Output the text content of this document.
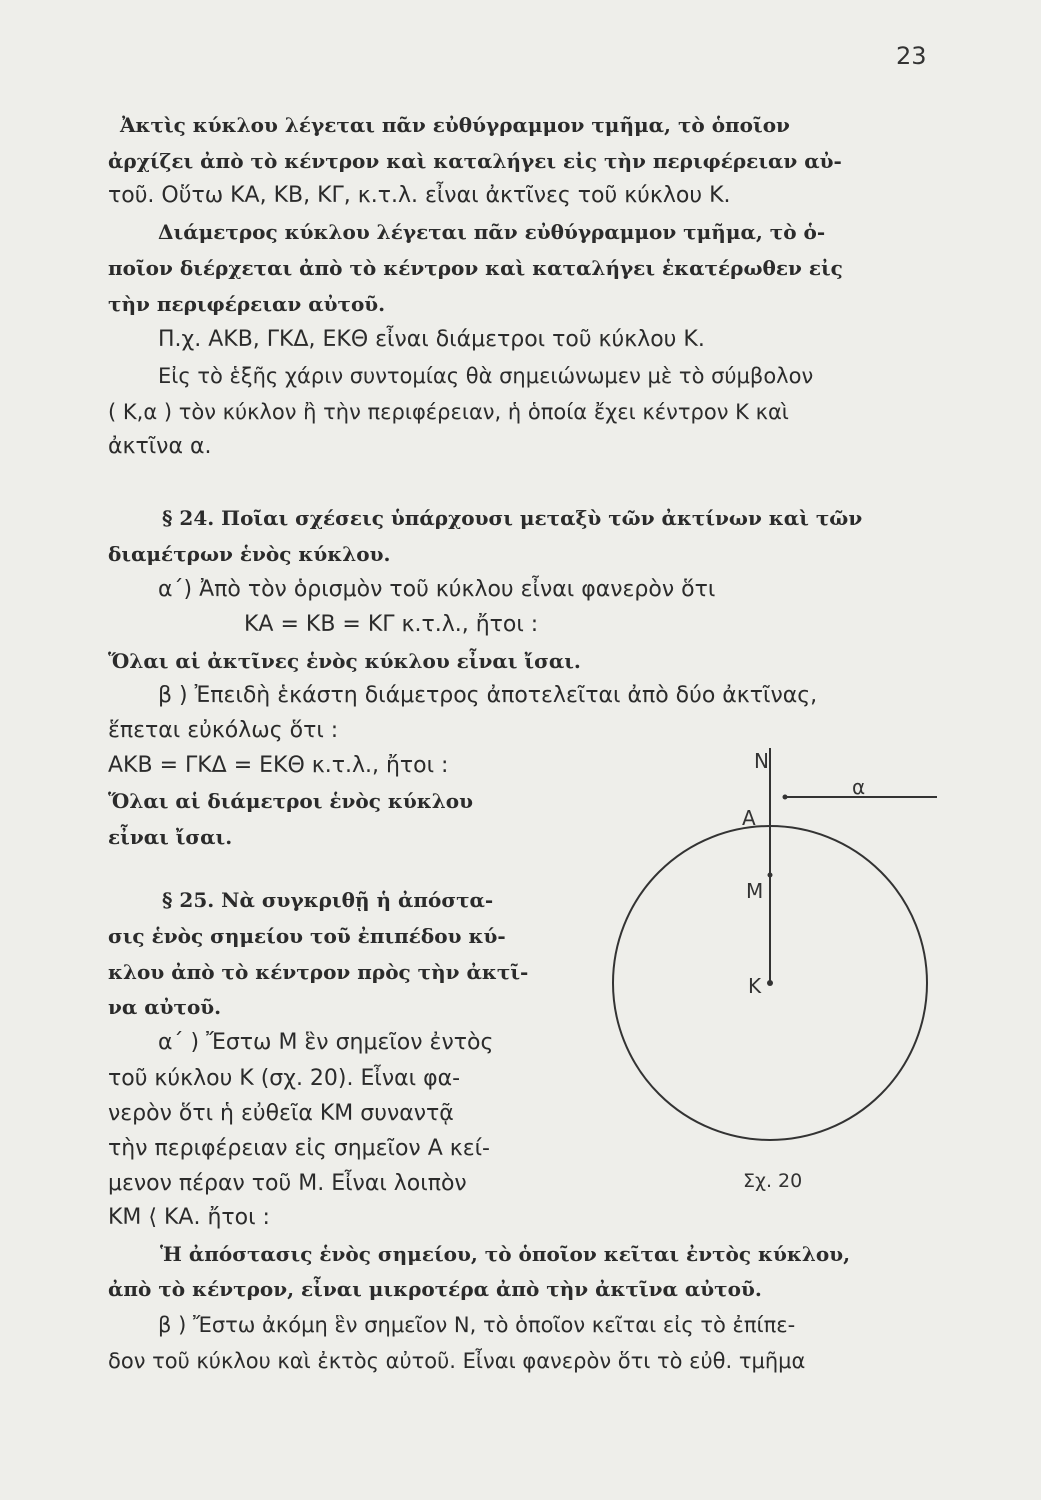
23
Ἀκτὶς κύκλου λέγεται πᾶν εὐθύγραμμον τμῆμα, τὸ ὁποῖον
ἀρχίζει ἀπὸ τὸ κέντρον καὶ καταλήγει εἰς τὴν περιφέρειαν αὐ-
τοῦ. Οὕτω ΚΑ, ΚΒ, ΚΓ, κ.τ.λ. εἶναι ἀκτῖνες τοῦ κύκλου Κ.
Διάμετρος κύκλου λέγεται πᾶν εὐθύγραμμον τμῆμα, τὸ ὁ-
ποῖον διέρχεται ἀπὸ τὸ κέντρον καὶ καταλήγει ἑκατέρωθεν εἰς
τὴν περιφέρειαν αὐτοῦ.
Π.χ. ΑΚΒ, ΓΚΔ, ΕΚΘ εἶναι διάμετροι τοῦ κύκλου Κ.
Εἰς τὸ ἑξῆς χάριν συντομίας θὰ σημειώνωμεν μὲ τὸ σύμβολον
( Κ,α ) τὸν κύκλον ἢ τὴν περιφέρειαν, ἡ ὁποία ἔχει κέντρον Κ καὶ
ἀκτῖνα α.
§ 24. Ποῖαι σχέσεις ὑπάρχουσι μεταξὺ τῶν ἀκτίνων καὶ τῶν
διαμέτρων ἑνὸς κύκλου.
α΄) Ἀπὸ τὸν ὁρισμὸν τοῦ κύκλου εἶναι φανερὸν ὅτι
ΚΑ = ΚΒ = ΚΓ κ.τ.λ., ἤτοι :
Ὅλαι αἱ ἀκτῖνες ἑνὸς κύκλου εἶναι ἴσαι.
β ) Ἐπειδὴ ἑκάστη διάμετρος ἀποτελεῖται ἀπὸ δύο ἀκτῖνας,
ἕπεται εὐκόλως ὅτι :
ΑΚΒ = ΓΚΔ = ΕΚΘ κ.τ.λ., ἤτοι :
Ὅλαι αἱ διάμετροι ἑνὸς κύκλου
εἶναι ἴσαι.
§ 25. Νὰ συγκριθῇ ἡ ἀπόστα-
σις ἑνὸς σημείου τοῦ ἐπιπέδου κύ-
κλου ἀπὸ τὸ κέντρον πρὸς τὴν ἀκτῖ-
να αὐτοῦ.
α΄ ) Ἔστω Μ ἓν σημεῖον ἐντὸς
τοῦ κύκλου Κ (σχ. 20). Εἶναι φα-
νερὸν ὅτι ἡ εὐθεῖα ΚΜ συναντᾷ
τὴν περιφέρειαν εἰς σημεῖον Α κεί-
μενον πέραν τοῦ Μ. Εἶναι λοιπὸν
ΚΜ ⟨ ΚΑ. ἤτοι :
Ἡ ἀπόστασις ἑνὸς σημείου, τὸ ὁποῖον κεῖται ἐντὸς κύκλου,
ἀπὸ τὸ κέντρον, εἶναι μικροτέρα ἀπὸ τὴν ἀκτῖνα αὐτοῦ.
β ) Ἔστω ἀκόμη ἓν σημεῖον Ν, τὸ ὁποῖον κεῖται εἰς τὸ ἐπίπε-
δον τοῦ κύκλου καὶ ἐκτὸς αὐτοῦ. Εἶναι φανερὸν ὅτι τὸ εὐθ. τμῆμα
N
A
M
K
α
Σχ. 20
